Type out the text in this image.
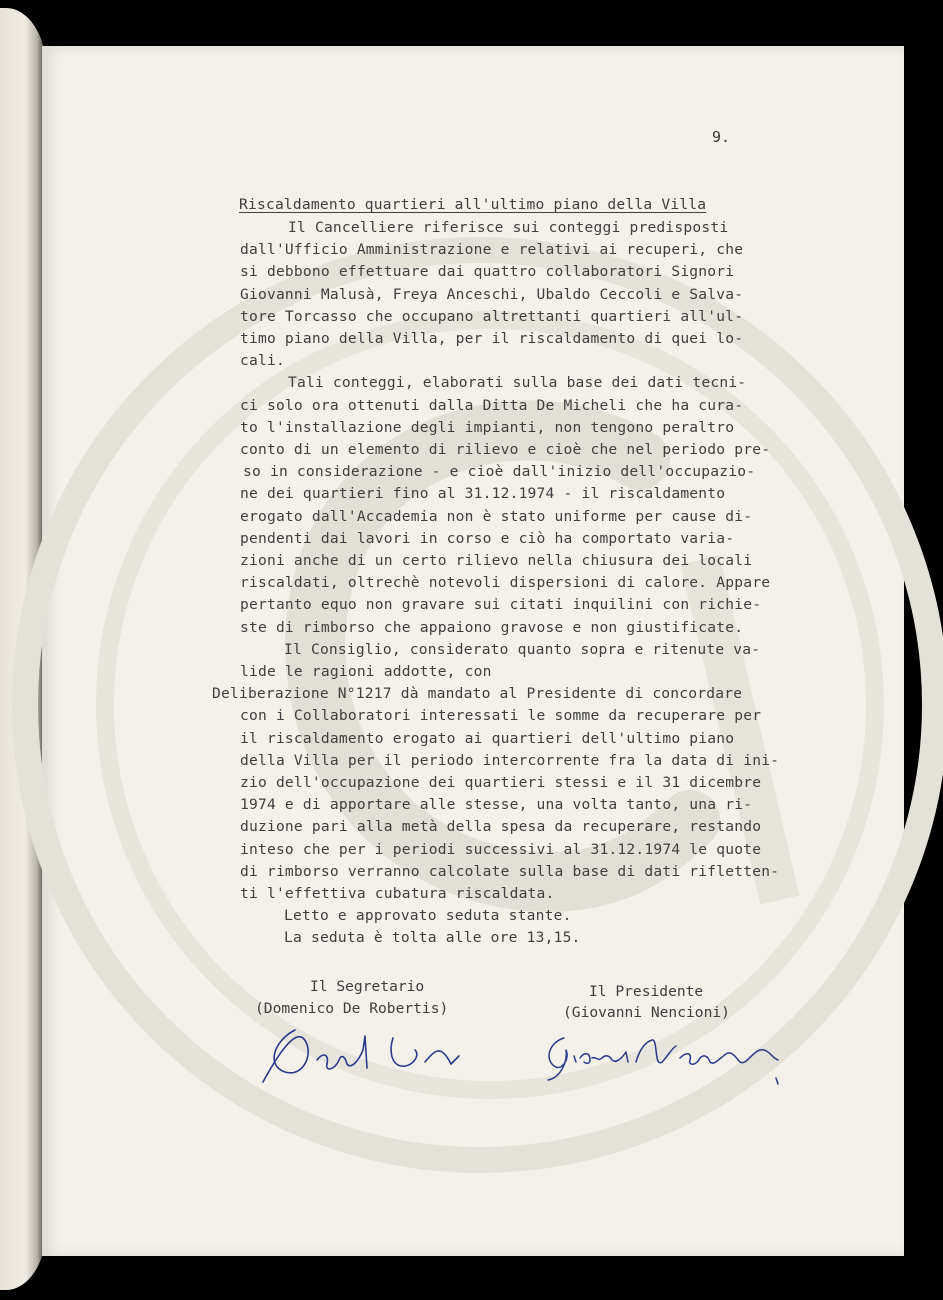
9.
Riscaldamento quartieri all'ultimo piano della Villa
Il Cancelliere riferisce sui conteggi predisposti
dall'Ufficio Amministrazione e relativi ai recuperi, che
si debbono effettuare dai quattro collaboratori Signori
Giovanni Malusà, Freya Anceschi, Ubaldo Ceccoli e Salva-
tore Torcasso che occupano altrettanti quartieri all'ul-
timo piano della Villa, per il riscaldamento di quei lo-
cali.
Tali conteggi, elaborati sulla base dei dati tecni-
ci solo ora ottenuti dalla Ditta De Micheli che ha cura-
to l'installazione degli impianti, non tengono peraltro
conto di un elemento di rilievo e cioè che nel periodo pre-
so in considerazione - e cioè dall'inizio dell'occupazio-
ne dei quartieri fino al 31.12.1974 - il riscaldamento
erogato dall'Accademia non è stato uniforme per cause di-
pendenti dai lavori in corso e ciò ha comportato varia-
zioni anche di un certo rilievo nella chiusura dei locali
riscaldati, oltrechè notevoli dispersioni di calore. Appare
pertanto equo non gravare sui citati inquilini con richie-
ste di rimborso che appaiono gravose e non giustificate.
Il Consiglio, considerato quanto sopra e ritenute va-
lide le ragioni addotte, con
Deliberazione N°1217 dà mandato al Presidente di concordare
con i Collaboratori interessati le somme da recuperare per
il riscaldamento erogato ai quartieri dell'ultimo piano
della Villa per il periodo intercorrente fra la data di ini-
zio dell'occupazione dei quartieri stessi e il 31 dicembre
1974 e di apportare alle stesse, una volta tanto, una ri-
duzione pari alla metà della spesa da recuperare, restando
inteso che per i periodi successivi al 31.12.1974 le quote
di rimborso verranno calcolate sulla base di dati rifletten-
ti l'effettiva cubatura riscaldata.
Letto e approvato seduta stante.
La seduta è tolta alle ore 13,15.
Il Segretario
(Domenico De Robertis)
Il Presidente
(Giovanni Nencioni)
